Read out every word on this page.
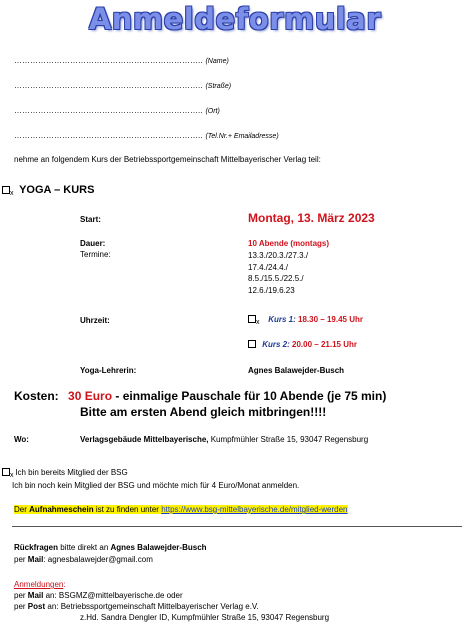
Anmeldeformular
…………………………………………………………….. (Name)
…………………………………………………………….. (Straße)
…………………………………………………………….. (Ort)
…………………………………………………………….. (Tel.Nr.+ Emailadresse)
nehme an folgendem Kurs der Betriebssportgemeinschaft Mittelbayerischer Verlag teil:
x YOGA – KURS
Start:	Montag, 13. März 2023
Dauer:	10 Abende (montags)
Termine:	13.3./20.3./27.3./
17.4./24.4./
8.5./15.5./22.5./
12.6./19.6.23
Uhrzeit:
x	Kurs 1: 18.30 – 19.45 Uhr
Kurs 2: 20.00 – 21.15 Uhr
Yoga-Lehrerin:	Agnes Balawejder-Busch
Kosten: 30 Euro - einmalige Pauschale für 10 Abende (je 75 min)
Bitte am ersten Abend gleich mitbringen!!!!
Wo:	Verlagsgebäude Mittelbayerische, Kumpfmühler Straße 15, 93047 Regensburg
x Ich bin bereits Mitglied der BSG
Ich bin noch kein Mitglied der BSG und möchte mich für 4 Euro/Monat anmelden.
Der Aufnahmeschein ist zu finden unter https://www.bsg-mittelbayerische.de/mitglied-werden
Rückfragen bitte direkt an Agnes Balawejder-Busch
per Mail: agnesbalawejder@gmail.com
Anmeldungen:
per Mail an: BSGMZ@mittelbayerische.de oder
per Post an: Betriebssportgemeinschaft Mittelbayerischer Verlag e.V.
z.Hd. Sandra Dengler ID, Kumpfmühler Straße 15, 93047 Regensburg
